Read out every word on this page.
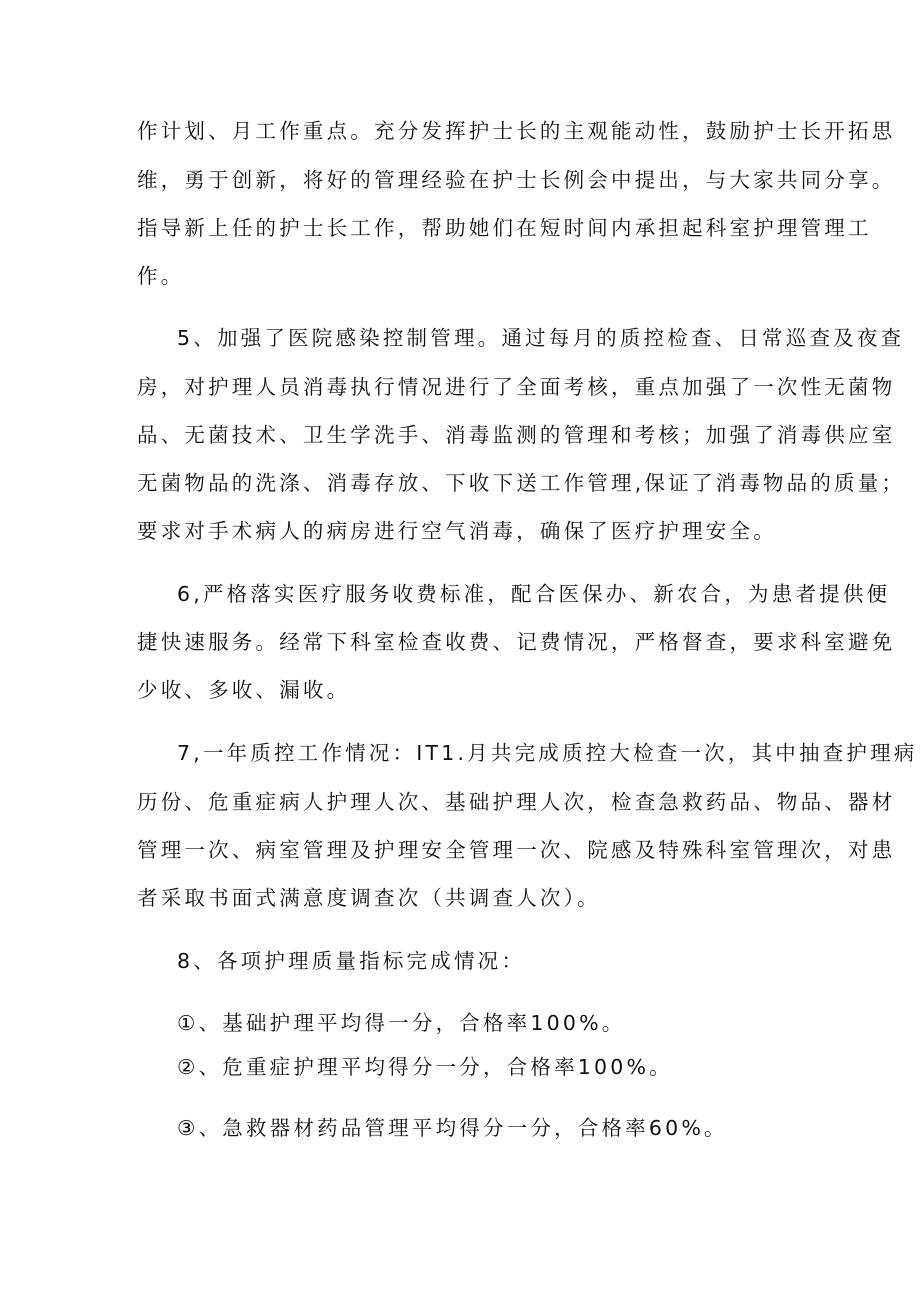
作计划、月工作重点。充分发挥护士长的主观能动性，鼓励护士长开拓思
维，勇于创新，将好的管理经验在护士长例会中提出，与大家共同分享。
指导新上任的护士长工作，帮助她们在短时间内承担起科室护理管理工
作。
5、加强了医院感染控制管理。通过每月的质控检查、日常巡查及夜查
房，对护理人员消毒执行情况进行了全面考核，重点加强了一次性无菌物
品、无菌技术、卫生学洗手、消毒监测的管理和考核；加强了消毒供应室
无菌物品的洗涤、消毒存放、下收下送工作管理,保证了消毒物品的质量；
要求对手术病人的病房进行空气消毒，确保了医疗护理安全。
6,严格落实医疗服务收费标准，配合医保办、新农合，为患者提供便
捷快速服务。经常下科室检查收费、记费情况，严格督查，要求科室避免
少收、多收、漏收。
7,一年质控工作情况：IT1.月共完成质控大检查一次，其中抽查护理病
历份、危重症病人护理人次、基础护理人次，检查急救药品、物品、器材
管理一次、病室管理及护理安全管理一次、院感及特殊科室管理次，对患
者采取书面式满意度调查次（共调查人次）。
8、各项护理质量指标完成情况：
①、基础护理平均得一分，合格率100%。
②、危重症护理平均得分一分，合格率100%。
③、急救器材药品管理平均得分一分，合格率60%。
